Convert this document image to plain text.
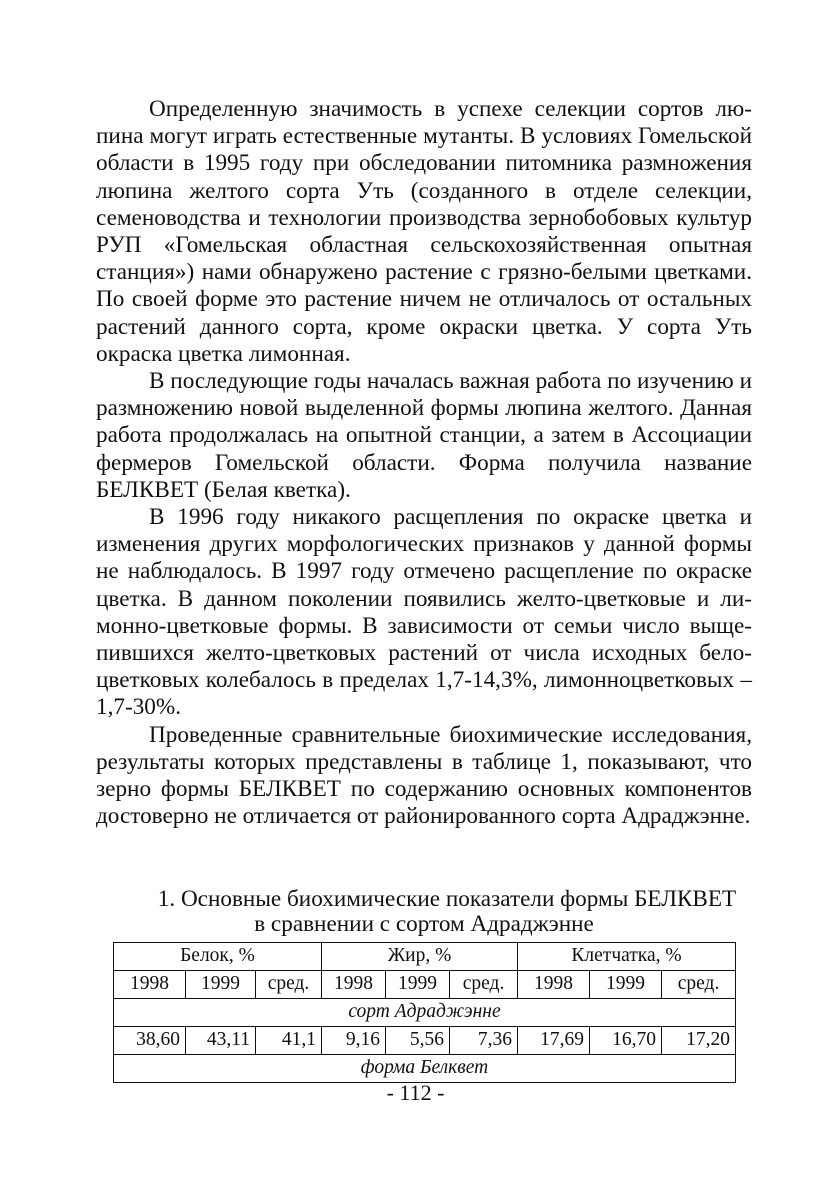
Определенную значимость в успехе селекции сортов люпина могут играть естественные мутанты. В условиях Гомельской области в 1995 году при обследовании питомника размножения люпина желтого сорта Уть (созданного в отделе селекции, семеноводства и технологии производства зернобобовых культур РУП «Гомельская областная сельскохозяйственная опытная станция») нами обнаружено растение с грязно-белыми цветками. По своей форме это растение ничем не отличалось от остальных растений данного сорта, кроме окраски цветка. У сорта Уть окраска цветка лимонная.

В последующие годы началась важная работа по изучению и размножению новой выделенной формы люпина желтого. Данная работа продолжалась на опытной станции, а затем в Ассоциации фермеров Гомельской области. Форма получила название БЕЛКВЕТ (Белая кветка).

В 1996 году никакого расщепления по окраске цветка и изменения других морфологических признаков у данной формы не наблюдалось. В 1997 году отмечено расщепление по окраске цветка. В данном поколении появились желто-цветковые и лимонно-цветковые формы. В зависимости от семьи число выщепившихся желто-цветковых растений от числа исходных белоцветковых колебалось в пределах 1,7-14,3%, лимонноцветковых – 1,7-30%.

Проведенные сравнительные биохимические исследования, результаты которых представлены в таблице 1, показывают, что зерно формы БЕЛКВЕТ по содержанию основных компонентов достоверно не отличается от районированного сорта Адраджэнне.

1. Основные биохимические показатели формы БЕЛКВЕТ
в сравнении с сортом Адраджэнне
Белок, %			Жир, %			Клетчатка, %		
1998	1999	сред.	1998	1999	сред.	1998	1999	сред.
сорт Адраджэнне								
38,60	43,11	41,1	9,16	5,56	7,36	17,69	16,70	17,20
форма Белквет								
- 112 -
